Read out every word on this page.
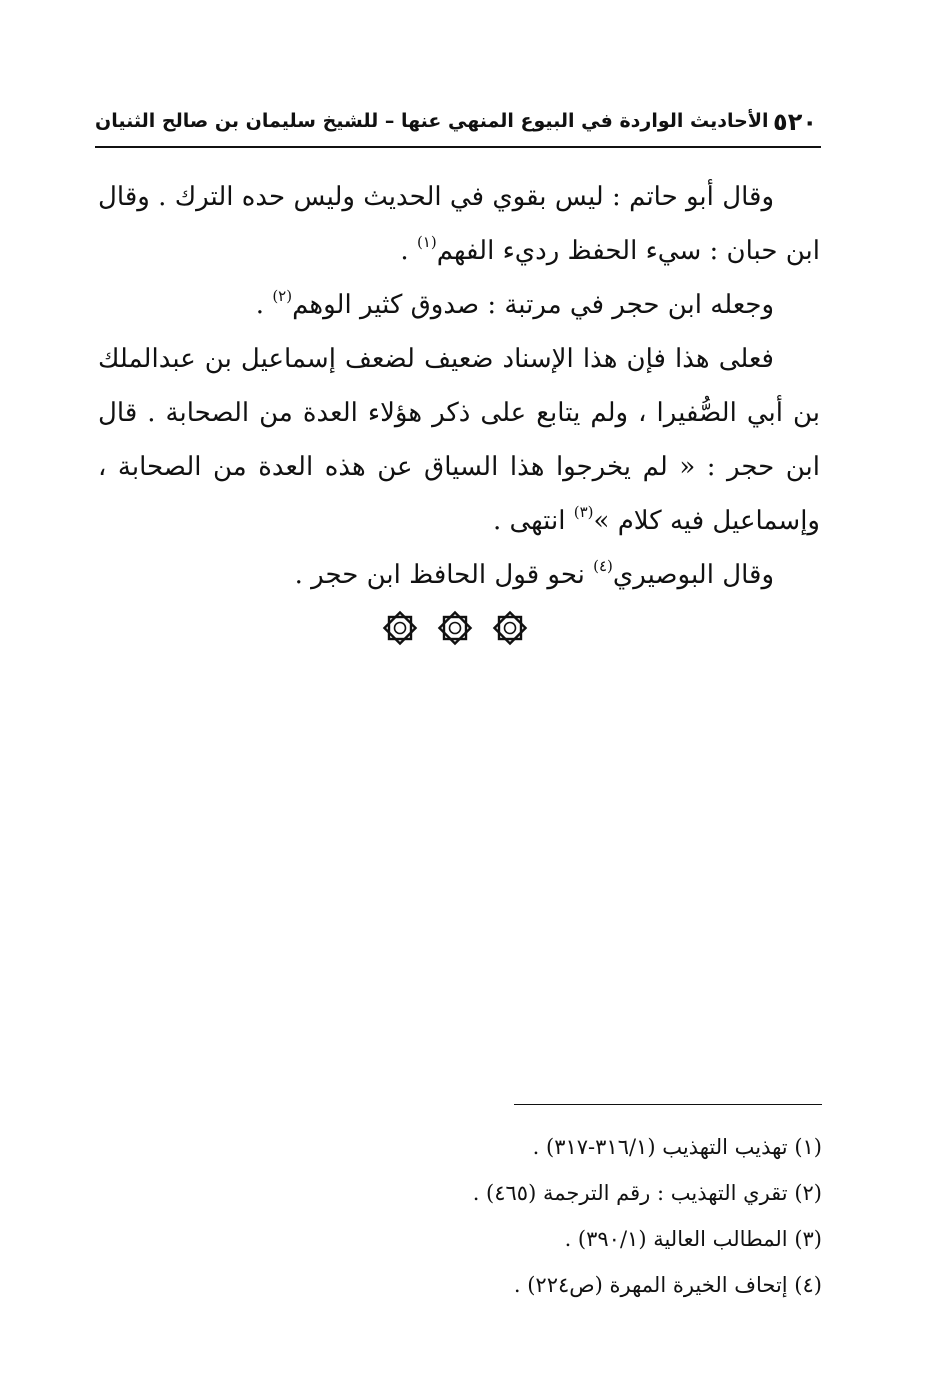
٥٢٠
الأحاديث الواردة في البيوع المنهي عنها – للشيخ سليمان بن صالح الثنيان

وقال أبو حاتم : ليس بقوي في الحديث وليس حده الترك . وقال ابن حبان : سيء الحفظ رديء الفهم$^{(١)}$ .

وجعله ابن حجر في مرتبة : صدوق كثير الوهم$^{(٢)}$ .

فعلى هذا فإن هذا الإسناد ضعيف لضعف إسماعيل بن عبدالملك بن أبي الصُّفيرا ، ولم يتابع على ذكر هؤلاء العدة من الصحابة . قال ابن حجر : « لم يخرجوا هذا السياق عن هذه العدة من الصحابة ، وإسماعيل فيه كلام »$^{(٣)}$ انتهى .

وقال البوصيري$^{(٤)}$ نحو قول الحافظ ابن حجر .

(١) تهذيب التهذيب (٣١٦/١-٣١٧) .

(٢) تقري التهذيب : رقم الترجمة (٤٦٥) .

(٣) المطالب العالية (٣٩٠/١) .

(٤) إتحاف الخيرة المهرة (ص٢٢٤) .
